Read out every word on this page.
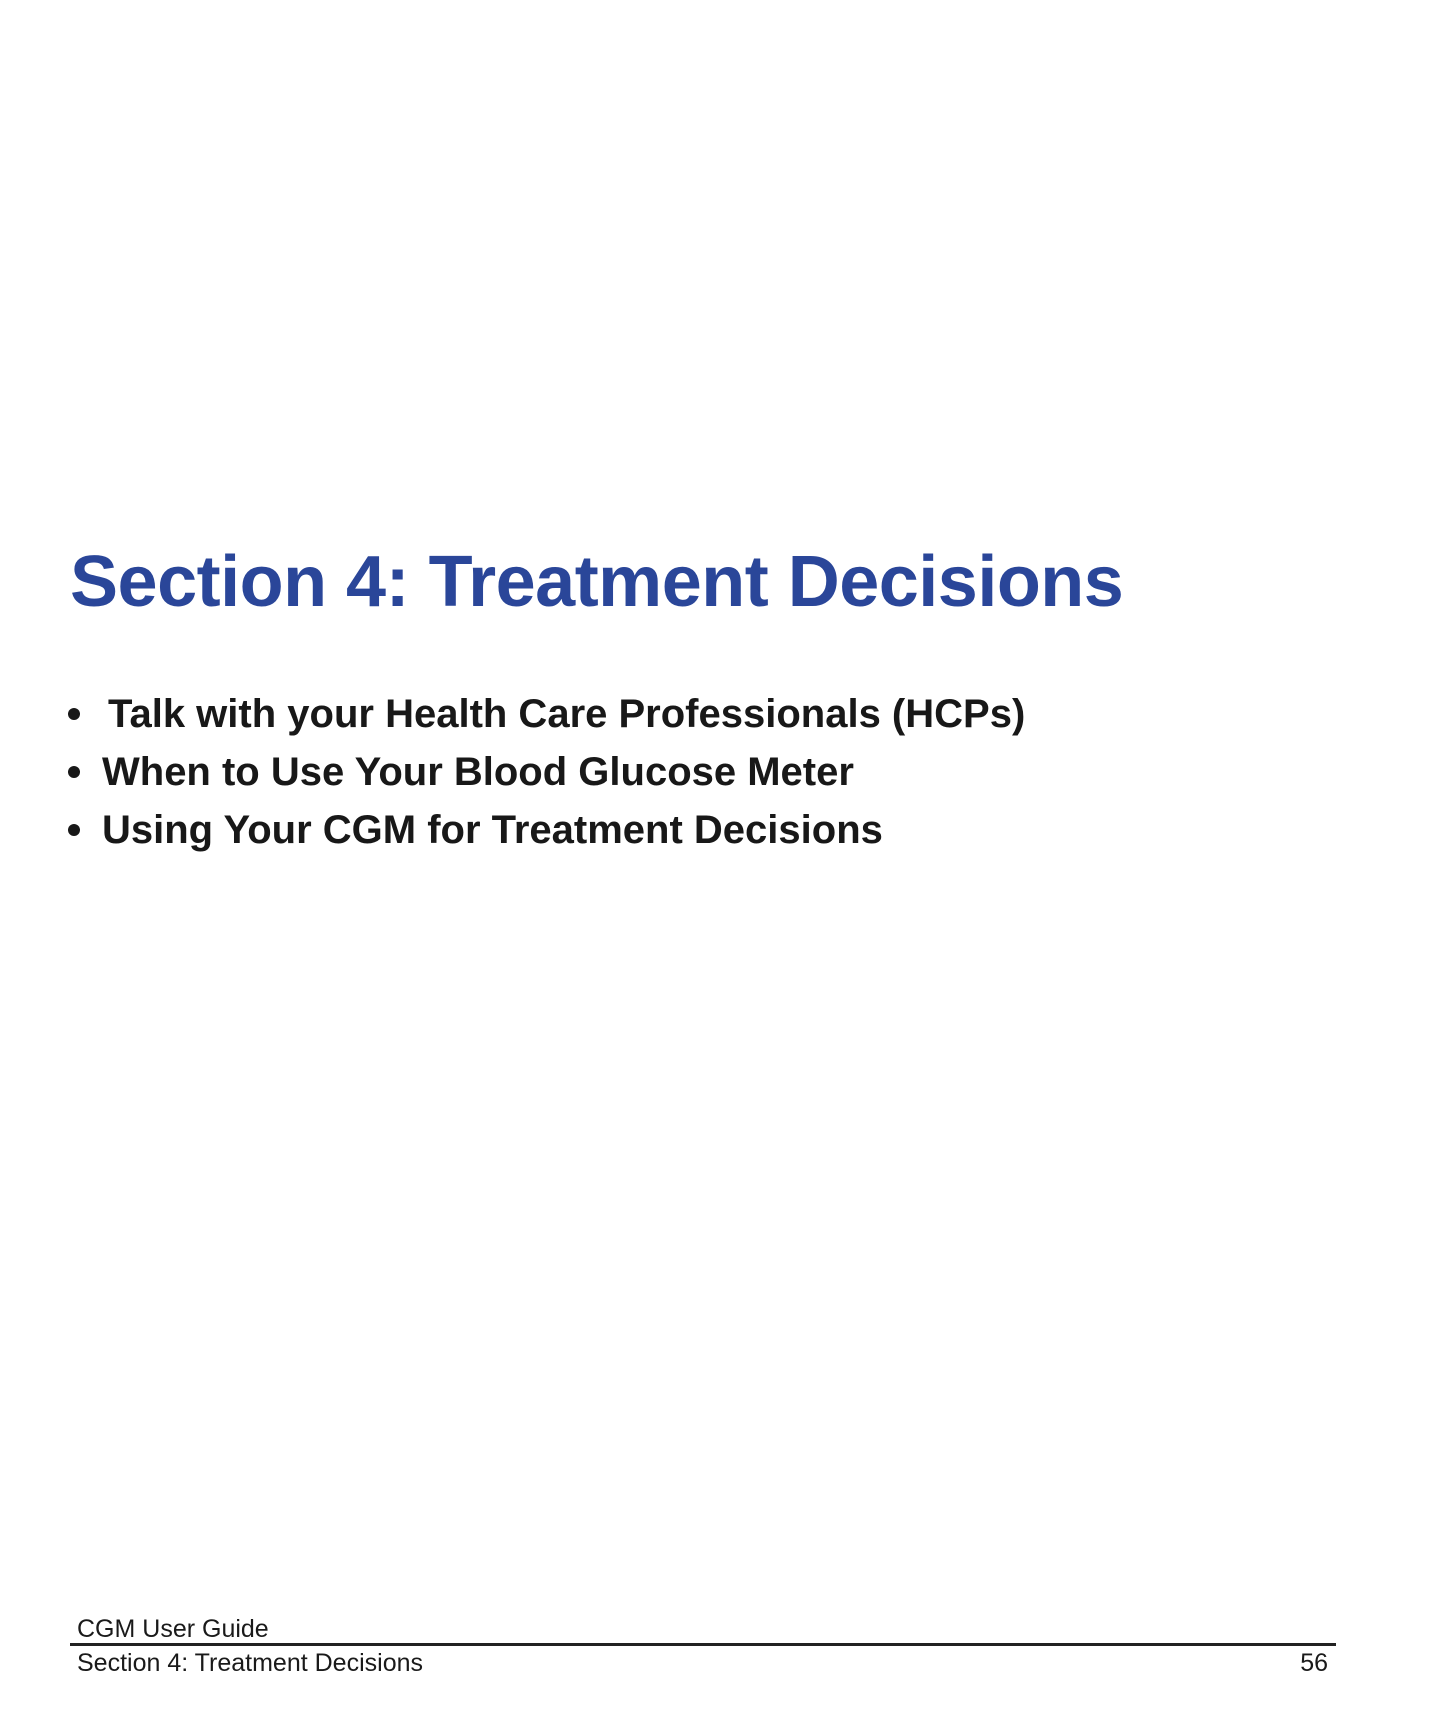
Section 4: Treatment Decisions
Talk with your Health Care Professionals (HCPs)
When to Use Your Blood Glucose Meter
Using Your CGM for Treatment Decisions
CGM User Guide
Section 4: Treatment Decisions	56
